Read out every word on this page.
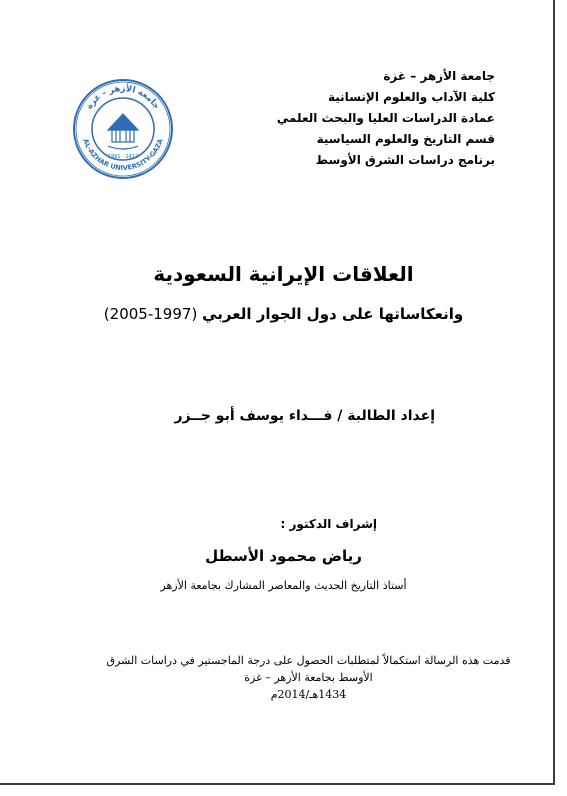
جامعة الأزهر – غزة
كلية الآداب والعلوم الإنسانية
عمادة الدراسات العليا والبحث العلمي
قسم التاريخ والعلوم السياسية
برنامج دراسات الشرق الأوسط
جامعة الأزهر - غزة
AL-AZHAR UNIVERSITY-GAZA
1991 - 1412
العلاقات الإيرانية السعودية
وانعكاساتها على دول الجوار العربي (1997-2005)
إعداد الطالبة / فـــداء يوسف أبو جــزر
إشراف الدكتور :
رياض محمود الأسطل
أستاذ التاريخ الحديث والمعاصر المشارك بجامعة الأزهر
قدمت هذه الرسالة استكمالاً لمتطلبات الحصول على درجة الماجستير في دراسات الشرق
الأوسط بجامعة الأزهر – غزة
1434هـ/2014م
